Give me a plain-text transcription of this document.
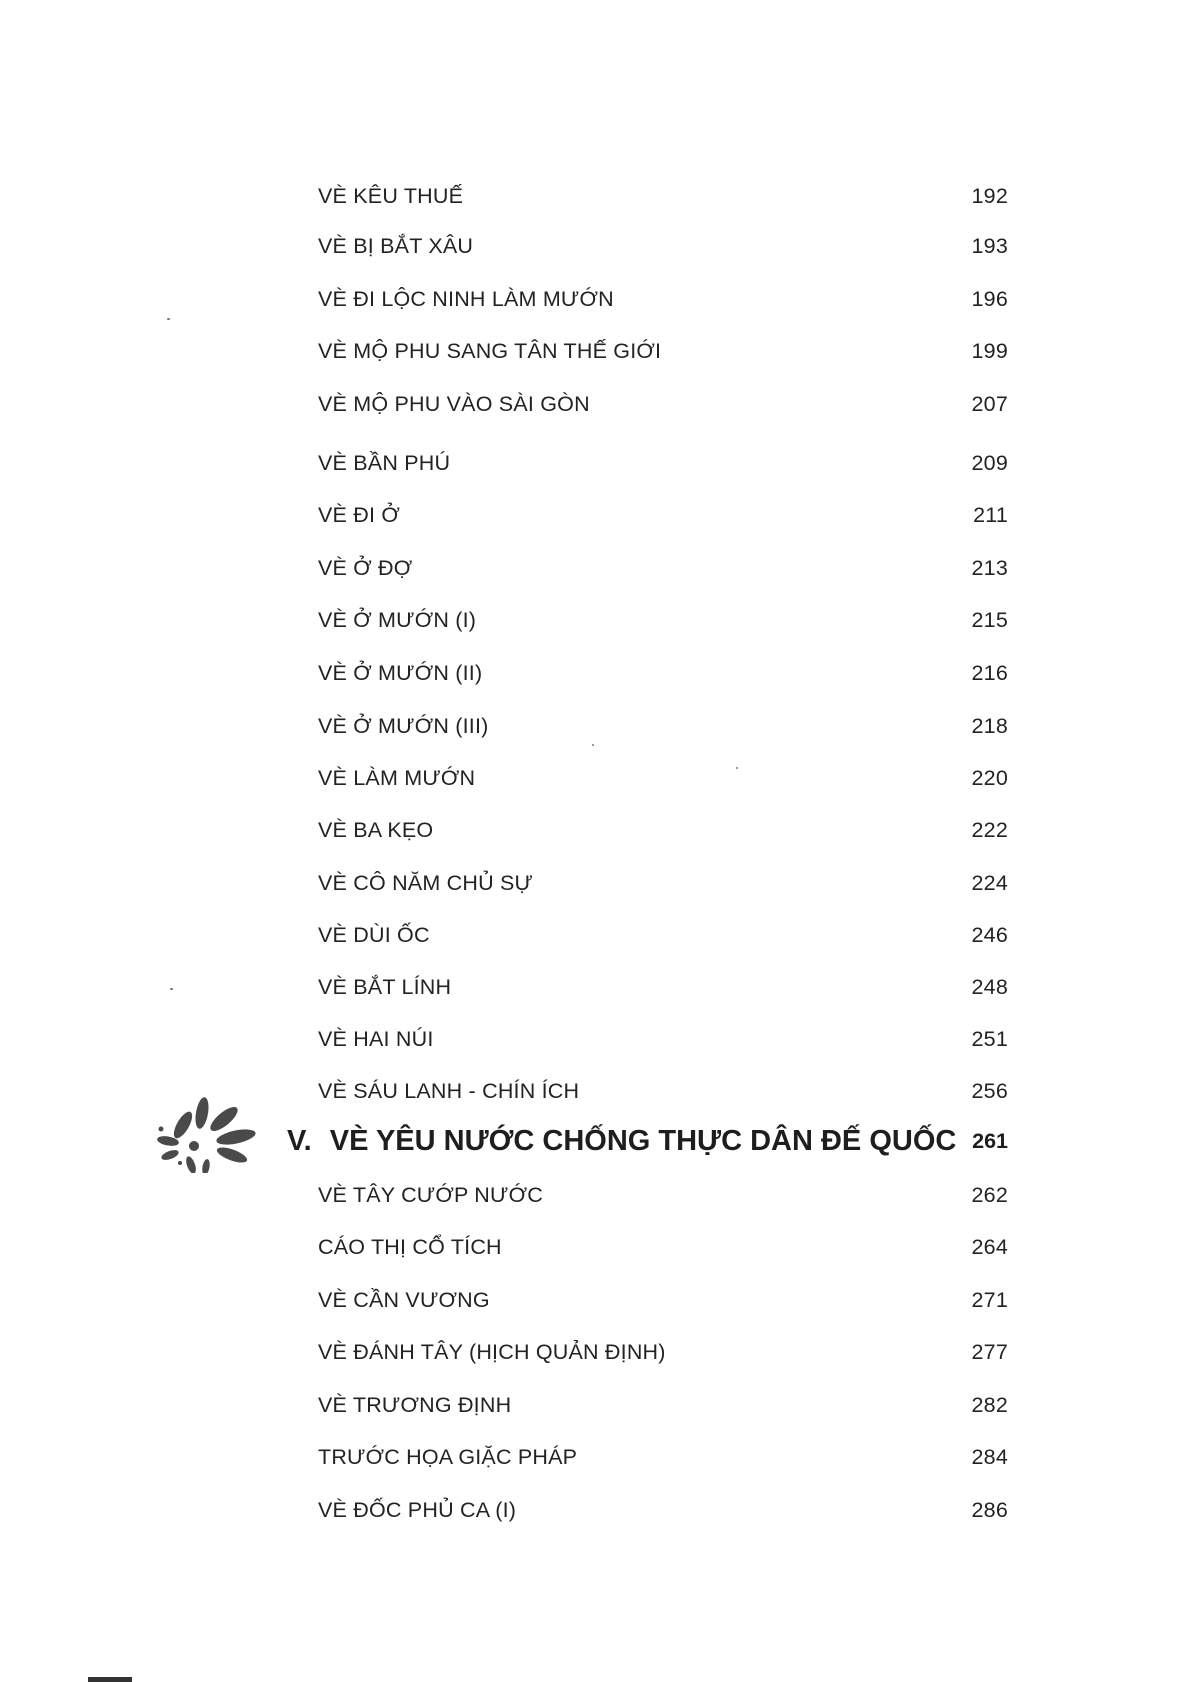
VÈ KÊU THUẾ	192
VÈ BỊ BẮT XÂU	193
VÈ ĐI LỘC NINH LÀM MƯỚN	196
VÈ MỘ PHU SANG TÂN THẾ GIỚI	199
VÈ MỘ PHU VÀO SÀI GÒN	207
VÈ BẦN PHÚ	209
VÈ ĐI Ở	211
VÈ Ở ĐỢ	213
VÈ Ở MƯỚN (I)	215
VÈ Ở MƯỚN (II)	216
VÈ Ở MƯỚN (III)	218
VÈ LÀM MƯỚN	220
VÈ BA KẸO	222
VÈ CÔ NĂM CHỦ SỰ	224
VÈ DÙI ỐC	246
VÈ BẮT LÍNH	248
VÈ HAI NÚI	251
VÈ SÁU LANH - CHÍN ÍCH	256
V. VÈ YÊU NƯỚC CHỐNG THỰC DÂN ĐẾ QUỐC 261
VÈ TÂY CƯỚP NƯỚC	262
CÁO THỊ CỔ TÍCH	264
VÈ CẦN VƯƠNG	271
VÈ ĐÁNH TÂY (HỊCH QUẢN ĐỊNH)	277
VÈ TRƯƠNG ĐỊNH	282
TRƯỚC HỌA GIẶC PHÁP	284
VÈ ĐỐC PHỦ CA (I)	286
